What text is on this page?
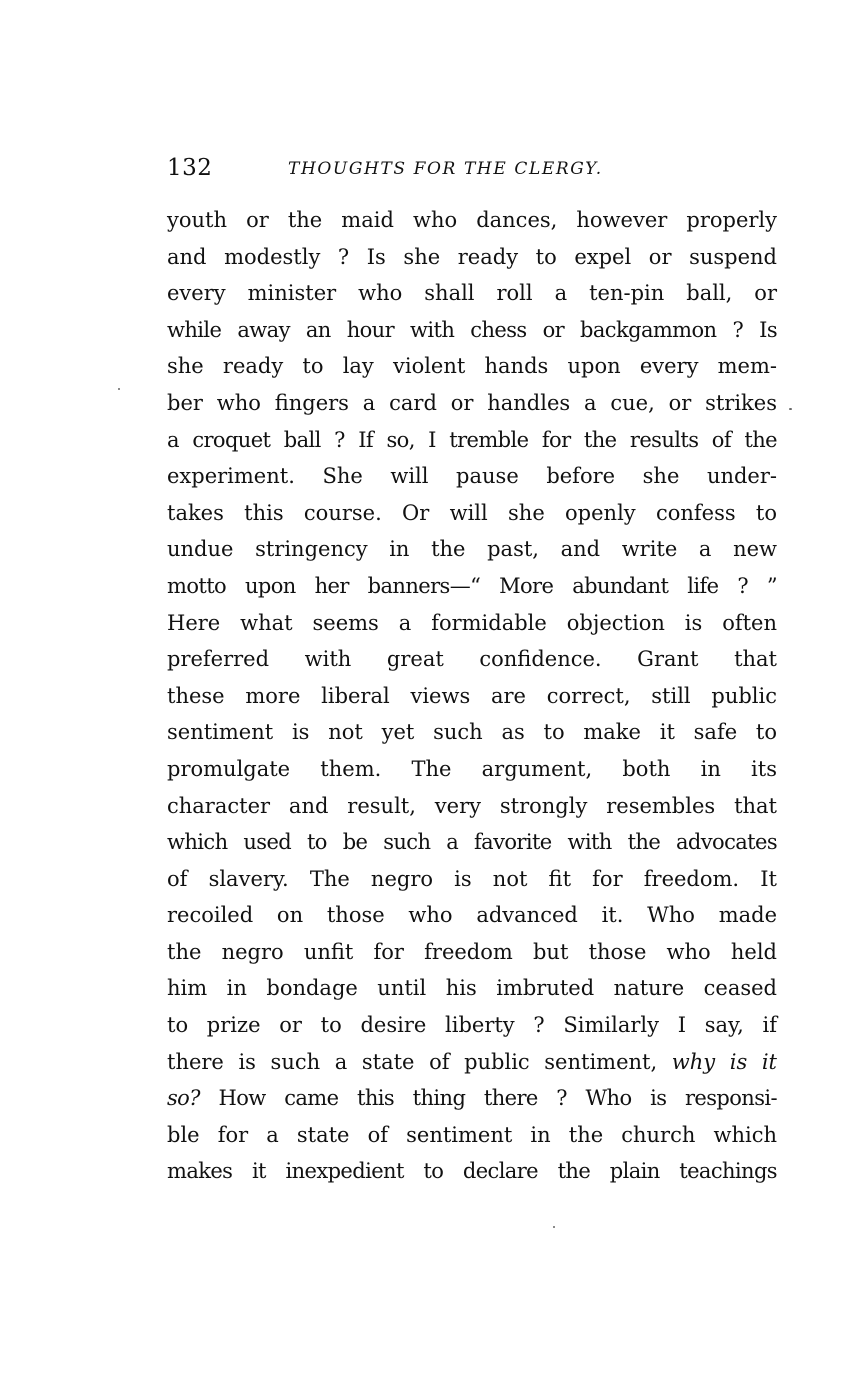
132	THOUGHTS FOR THE CLERGY.
youth or the maid who dances, however properly
and modestly ? Is she ready to expel or suspend
every minister who shall roll a ten-pin ball, or
while away an hour with chess or backgammon ? Is
she ready to lay violent hands upon every mem-
ber who fingers a card or handles a cue, or strikes
a croquet ball ? If so, I tremble for the results of the
experiment. She will pause before she under-
takes this course. Or will she openly confess to
undue stringency in the past, and write a new
motto upon her banners—“ More abundant life ? ”
Here what seems a formidable objection is often
preferred with great confidence. Grant that
these more liberal views are correct, still public
sentiment is not yet such as to make it safe to
promulgate them. The argument, both in its
character and result, very strongly resembles that
which used to be such a favorite with the advocates
of slavery. The negro is not fit for freedom. It
recoiled on those who advanced it. Who made
the negro unfit for freedom but those who held
him in bondage until his imbruted nature ceased
to prize or to desire liberty ? Similarly I say, if
there is such a state of public sentiment, why is it
so? How came this thing there ? Who is responsi-
ble for a state of sentiment in the church which
makes it inexpedient to declare the plain teachings
